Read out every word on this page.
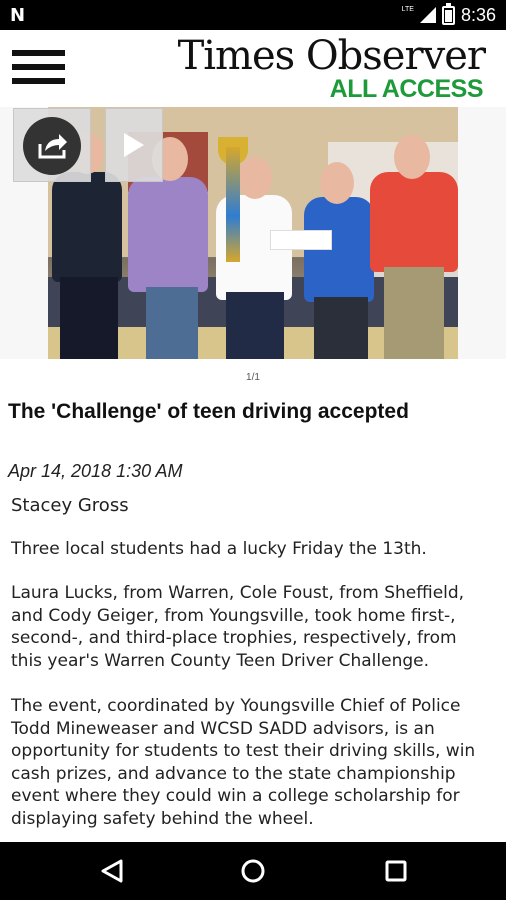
N	LTE	8:36
Times Observer
ALL ACCESS
1/1
The 'Challenge' of teen driving accepted
Apr 14, 2018 1:30 AM
Stacey Gross
Three local students had a lucky Friday the 13th.
Laura Lucks, from Warren, Cole Foust, from Sheffield, and Cody Geiger, from Youngsville, took home first-, second-, and third-place trophies, respectively, from this year's Warren County Teen Driver Challenge.
The event, coordinated by Youngsville Chief of Police Todd Mineweaser and WCSD SADD advisors, is an opportunity for students to test their driving skills, win cash prizes, and advance to the state championship event where they could win a college scholarship for displaying safety behind the wheel.
